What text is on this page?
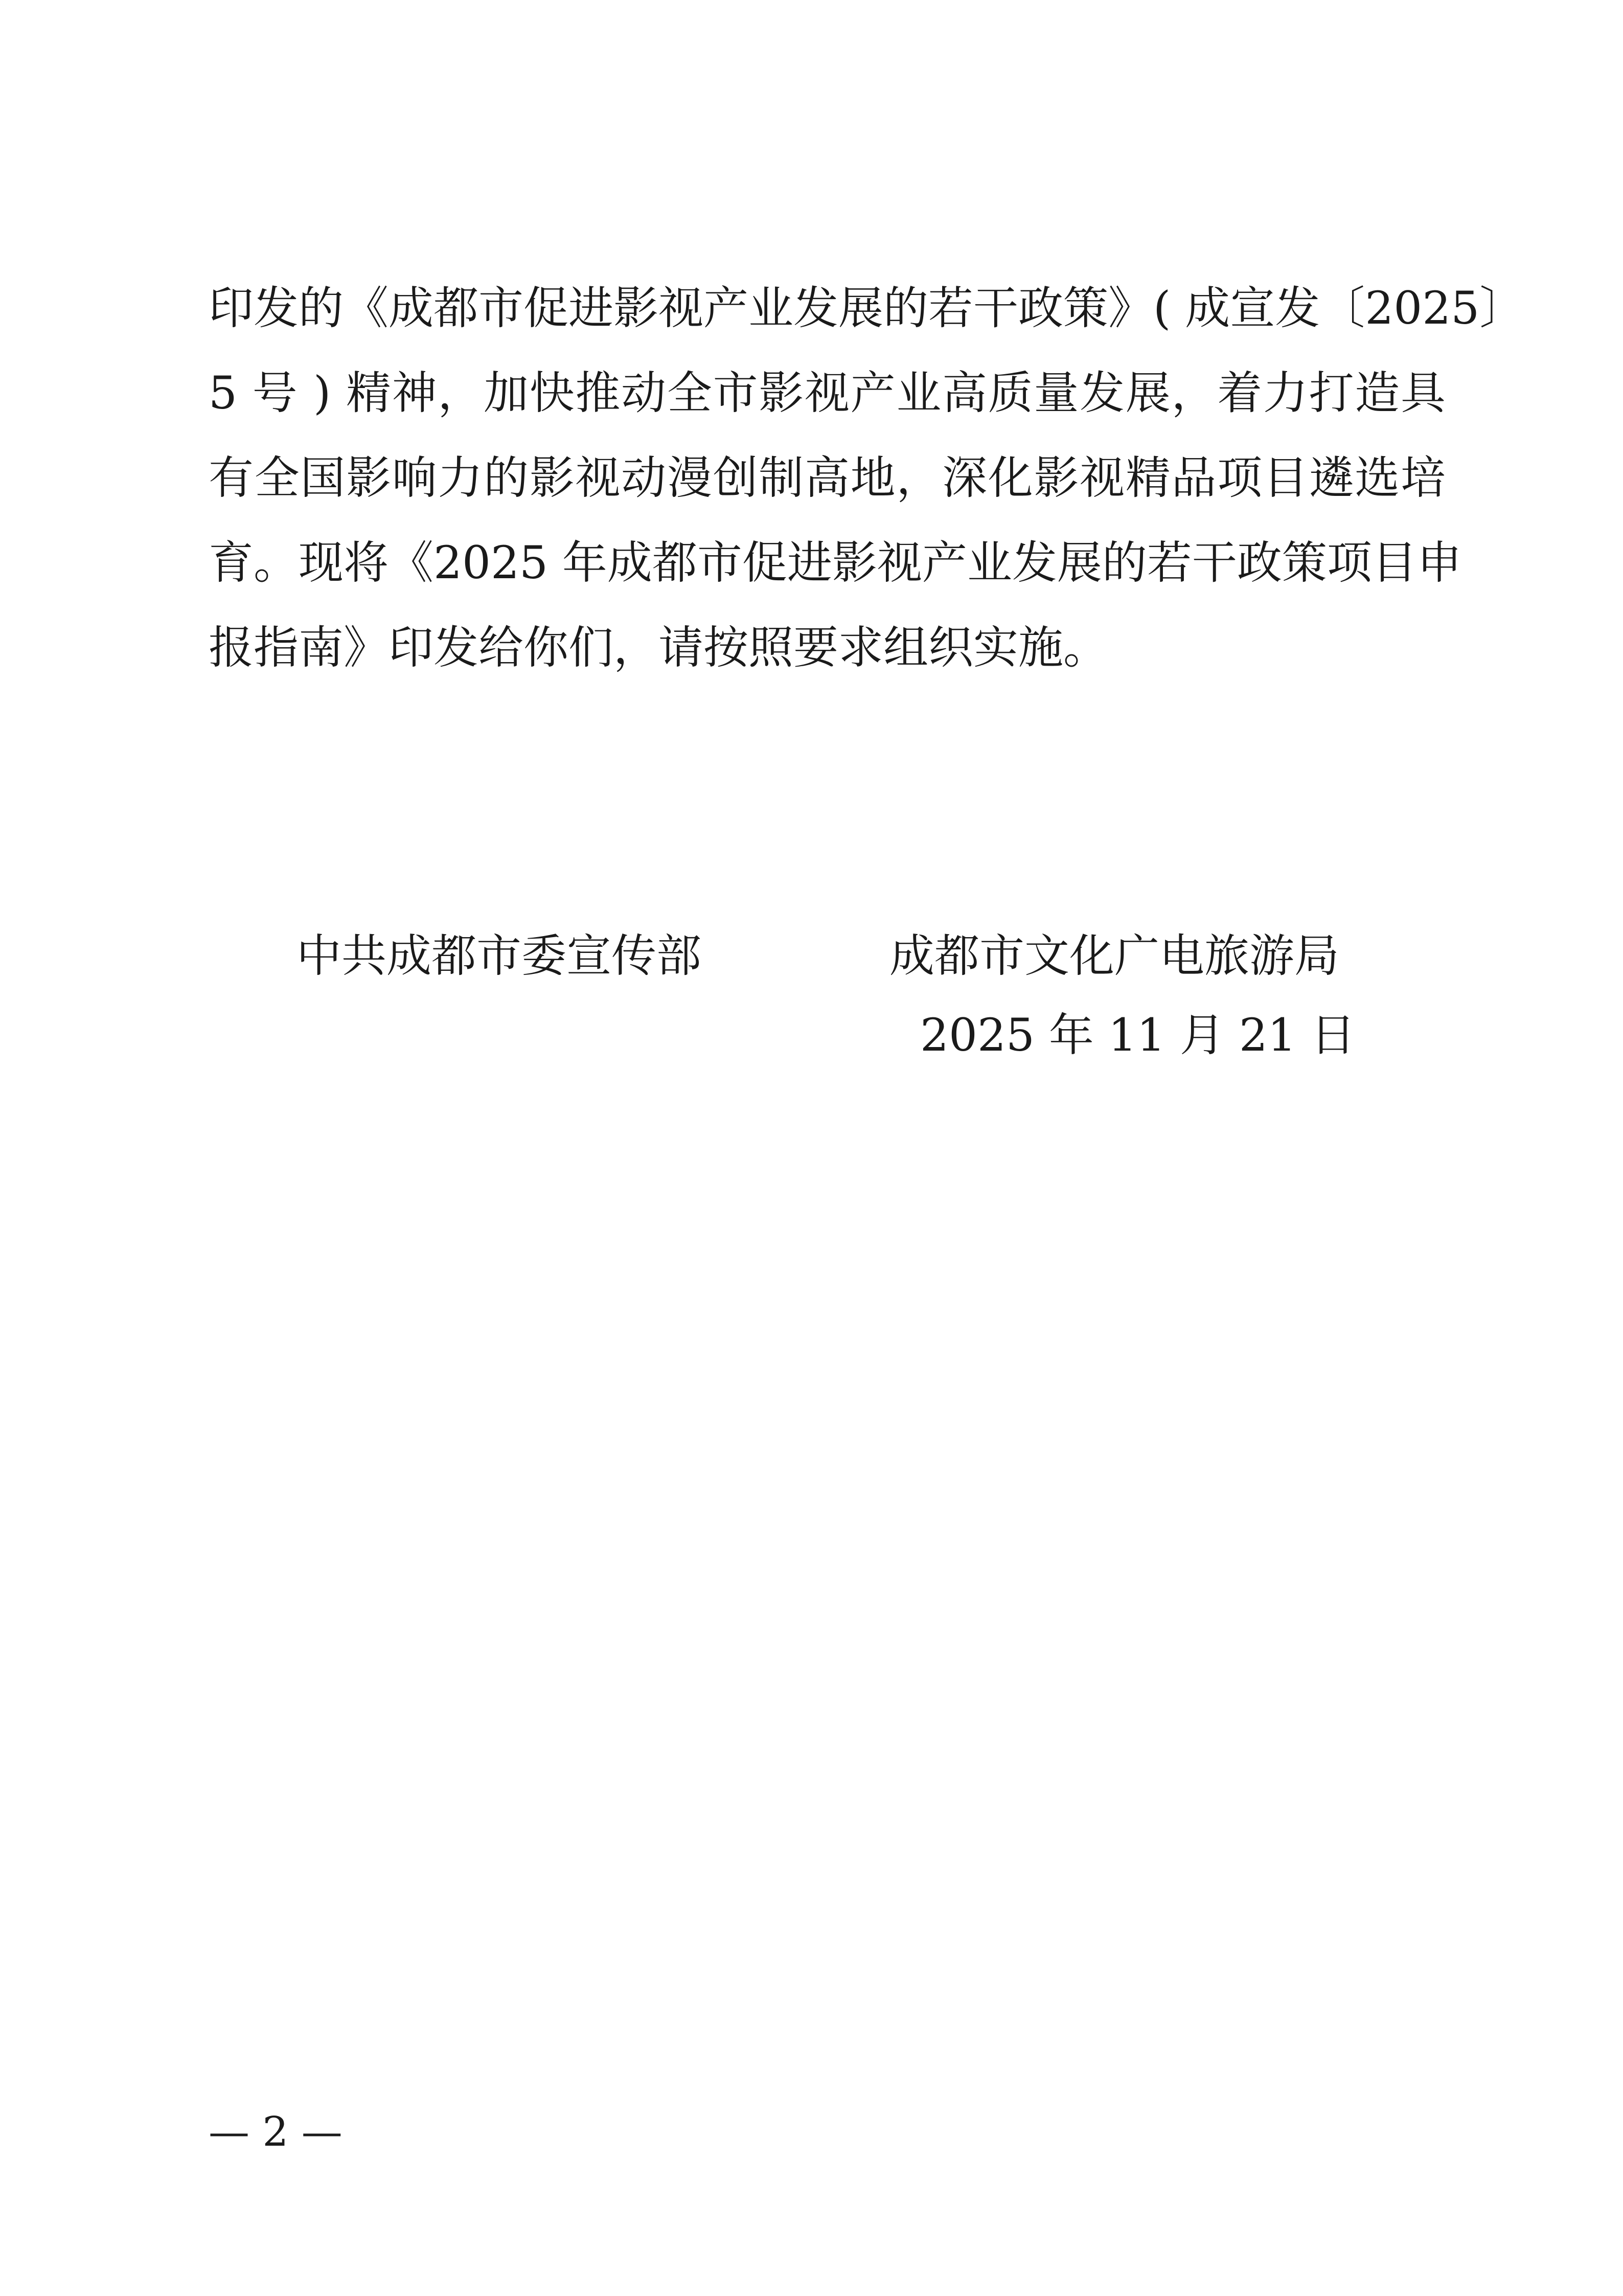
印发的《成都市促进影视产业发展的若干政策》( 成宣发〔2025〕
5 号 ) 精神，加快推动全市影视产业高质量发展，着力打造具
有全国影响力的影视动漫创制高地，深化影视精品项目遴选培
育。现将《2025 年成都市促进影视产业发展的若干政策项目申
报指南》印发给你们，请按照要求组织实施。
中共成都市委宣传部	成都市文化广电旅游局
2025 年 11 月 21 日
— 2 —
